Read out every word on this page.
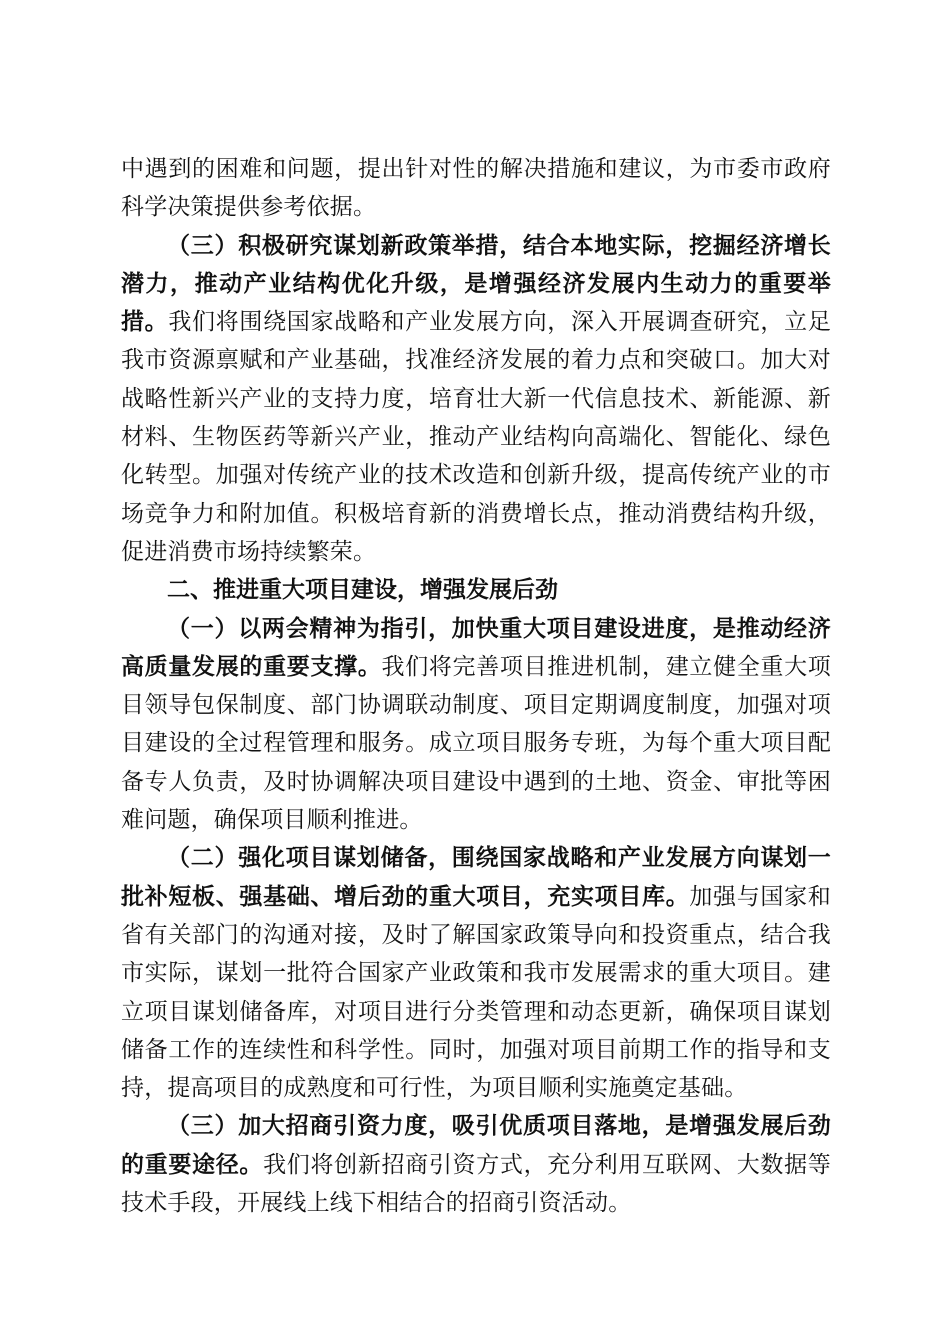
中遇到的困难和问题，提出针对性的解决措施和建议，为市委市政府科学决策提供参考依据。

（三）积极研究谋划新政策举措，结合本地实际，挖掘经济增长潜力，推动产业结构优化升级，是增强经济发展内生动力的重要举措。我们将围绕国家战略和产业发展方向，深入开展调查研究，立足我市资源禀赋和产业基础，找准经济发展的着力点和突破口。加大对战略性新兴产业的支持力度，培育壮大新一代信息技术、新能源、新材料、生物医药等新兴产业，推动产业结构向高端化、智能化、绿色化转型。加强对传统产业的技术改造和创新升级，提高传统产业的市场竞争力和附加值。积极培育新的消费增长点，推动消费结构升级，促进消费市场持续繁荣。

二、推进重大项目建设，增强发展后劲

（一）以两会精神为指引，加快重大项目建设进度，是推动经济高质量发展的重要支撑。我们将完善项目推进机制，建立健全重大项目领导包保制度、部门协调联动制度、项目定期调度制度，加强对项目建设的全过程管理和服务。成立项目服务专班，为每个重大项目配备专人负责，及时协调解决项目建设中遇到的土地、资金、审批等困难问题，确保项目顺利推进。

（二）强化项目谋划储备，围绕国家战略和产业发展方向谋划一批补短板、强基础、增后劲的重大项目，充实项目库。加强与国家和省有关部门的沟通对接，及时了解国家政策导向和投资重点，结合我市实际，谋划一批符合国家产业政策和我市发展需求的重大项目。建立项目谋划储备库，对项目进行分类管理和动态更新，确保项目谋划储备工作的连续性和科学性。同时，加强对项目前期工作的指导和支持，提高项目的成熟度和可行性，为项目顺利实施奠定基础。

（三）加大招商引资力度，吸引优质项目落地，是增强发展后劲的重要途径。我们将创新招商引资方式，充分利用互联网、大数据等技术手段，开展线上线下相结合的招商引资活动。
